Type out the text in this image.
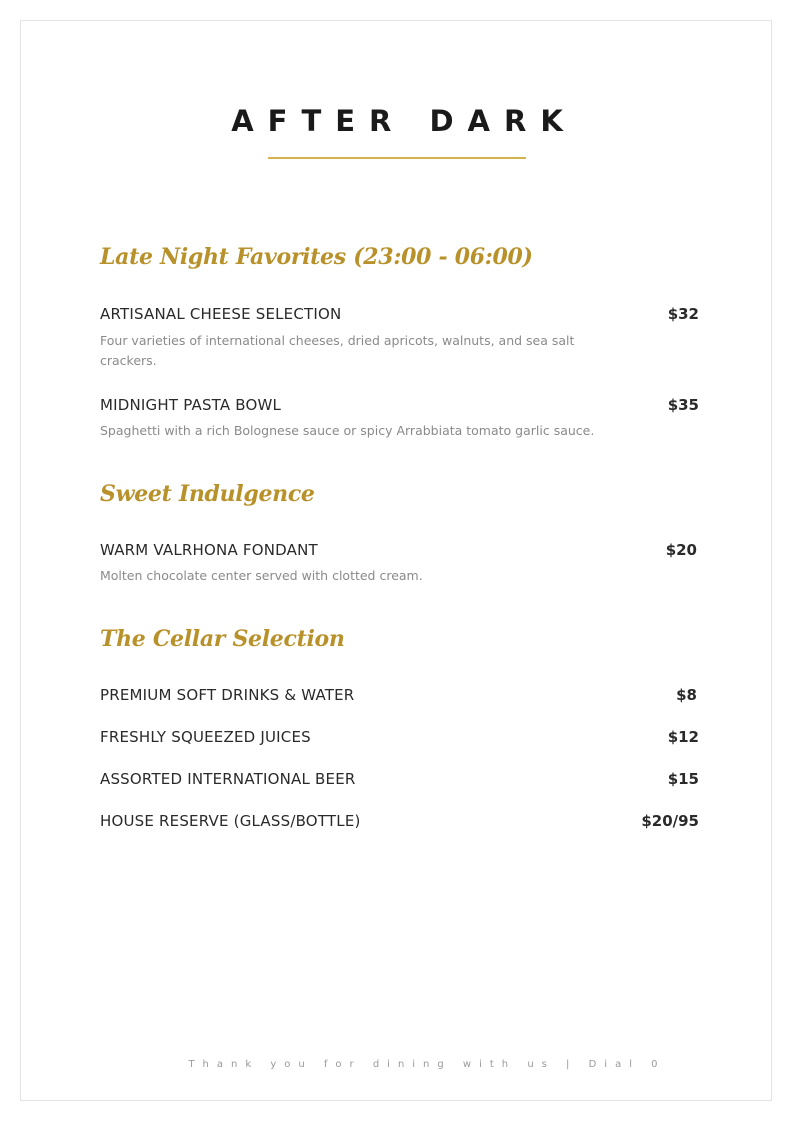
AFTER DARK
Late Night Favorites (23:00 - 06:00)

ARTISANAL CHEESE SELECTION	$32

Four varieties of international cheeses, dried apricots, walnuts, and sea salt crackers.

MIDNIGHT PASTA BOWL	$35

Spaghetti with a rich Bolognese sauce or spicy Arrabbiata tomato garlic sauce.

Sweet Indulgence

WARM VALRHONA FONDANT	$20

Molten chocolate center served with clotted cream.

The Cellar Selection

PREMIUM SOFT DRINKS & WATER	$8

FRESHLY SQUEEZED JUICES	$12

ASSORTED INTERNATIONAL BEER	$15

HOUSE RESERVE (GLASS/BOTTLE)	$20/95

Thank you for dining with us | Dial 0
